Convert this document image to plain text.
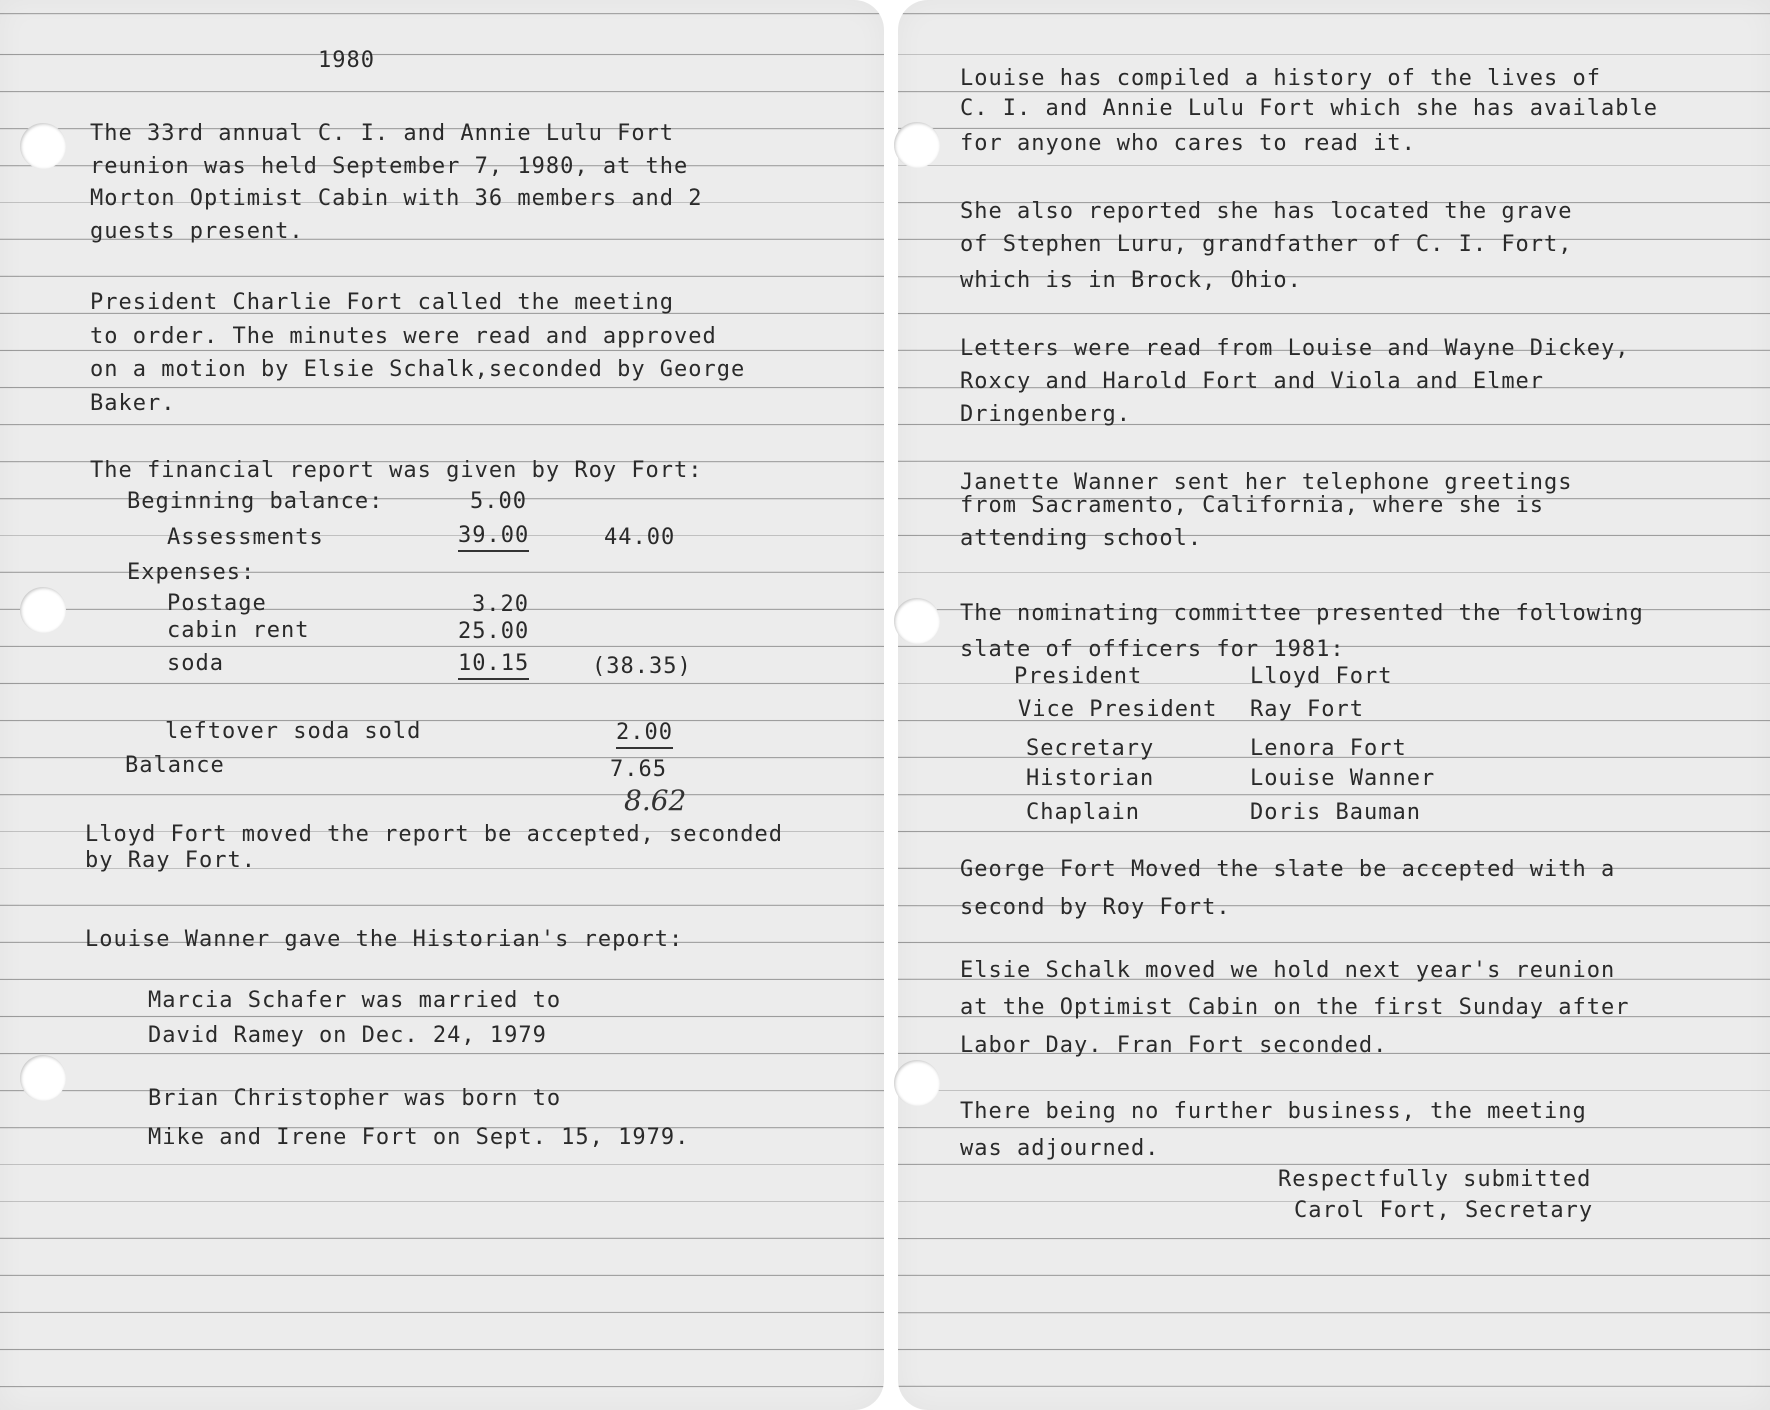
1980
The 33rd annual C. I. and Annie Lulu Fort
reunion was held September 7, 1980, at the
Morton Optimist Cabin with 36 members and 2
guests present.
President Charlie Fort called the meeting
to order. The minutes were read and approved
on a motion by Elsie Schalk,seconded by George
Baker.
The financial report was given by Roy Fort:
Beginning balance:	5.00
Assessments	39.00	44.00
Expenses:
Postage	3.20
cabin rent	25.00
soda	10.15	(38.35)
leftover soda sold	2.00
Balance	7.65
8.62
Lloyd Fort moved the report be accepted, seconded
by Ray Fort.
Louise Wanner gave the Historian's report:
Marcia Schafer was married to
David Ramey on Dec. 24, 1979
Brian Christopher was born to
Mike and Irene Fort on Sept. 15, 1979.
Louise has compiled a history of the lives of
C. I. and Annie Lulu Fort which she has available
for anyone who cares to read it.
She also reported she has located the grave
of Stephen Luru, grandfather of C. I. Fort,
which is in Brock, Ohio.
Letters were read from Louise and Wayne Dickey,
Roxcy and Harold Fort and Viola and Elmer
Dringenberg.
Janette Wanner sent her telephone greetings
from Sacramento, California, where she is
attending school.
The nominating committee presented the following
slate of officers for 1981:
President	Lloyd Fort
Vice President Ray Fort
Secretary	Lenora Fort
Historian	Louise Wanner
Chaplain	Doris Bauman
George Fort Moved the slate be accepted with a
second by Roy Fort.
Elsie Schalk moved we hold next year's reunion
at the Optimist Cabin on the first Sunday after
Labor Day. Fran Fort seconded.
There being no further business, the meeting
was adjourned.
Respectfully submitted
Carol Fort, Secretary
